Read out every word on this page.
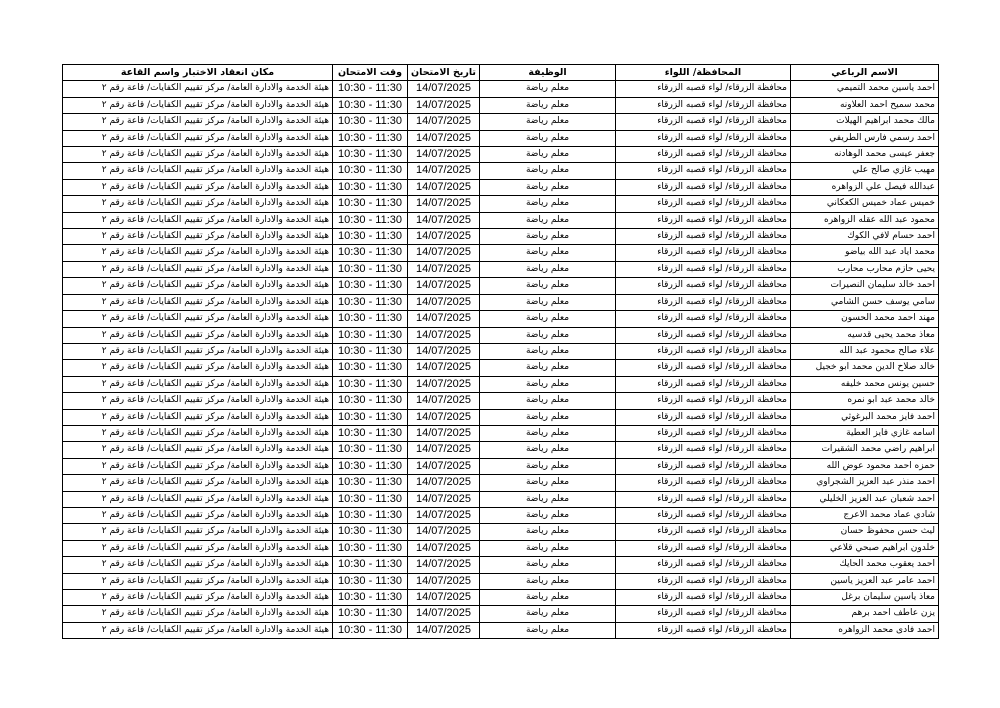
مكان انعقاد الاختبار واسم القاعة	وقت الامتحان	تاريخ الامتحان	الوظيفة	المحافظة/ اللواء	الاسم الرباعي
هيئة الخدمة والادارة العامة/ مركز تقييم الكفايات/ قاعة رقم ٢	10:30 - 11:30	14/07/2025	معلم رياضة	محافظة الزرقاء/ لواء قصبه الزرقاء	احمد ياسين محمد التميمي
هيئة الخدمة والادارة العامة/ مركز تقييم الكفايات/ قاعة رقم ٢	10:30 - 11:30	14/07/2025	معلم رياضة	محافظة الزرقاء/ لواء قصبه الزرقاء	محمد سميح احمد العلاونه
هيئة الخدمة والادارة العامة/ مركز تقييم الكفايات/ قاعة رقم ٢	10:30 - 11:30	14/07/2025	معلم رياضة	محافظة الزرقاء/ لواء قصبه الزرقاء	مالك محمد ابراهيم الهيلات
هيئة الخدمة والادارة العامة/ مركز تقييم الكفايات/ قاعة رقم ٢	10:30 - 11:30	14/07/2025	معلم رياضة	محافظة الزرقاء/ لواء قصبه الزرقاء	احمد رسمي فارس الطريفي
هيئة الخدمة والادارة العامة/ مركز تقييم الكفايات/ قاعة رقم ٢	10:30 - 11:30	14/07/2025	معلم رياضة	محافظة الزرقاء/ لواء قصبه الزرقاء	جعفر عيسى محمد الوهادنه
هيئة الخدمة والادارة العامة/ مركز تقييم الكفايات/ قاعة رقم ٢	10:30 - 11:30	14/07/2025	معلم رياضة	محافظة الزرقاء/ لواء قصبه الزرقاء	مهيب غازي صالح علي
هيئة الخدمة والادارة العامة/ مركز تقييم الكفايات/ قاعة رقم ٢	10:30 - 11:30	14/07/2025	معلم رياضة	محافظة الزرقاء/ لواء قصبه الزرقاء	عبدالله فيصل علي الزواهره
هيئة الخدمة والادارة العامة/ مركز تقييم الكفايات/ قاعة رقم ٢	10:30 - 11:30	14/07/2025	معلم رياضة	محافظة الزرقاء/ لواء قصبه الزرقاء	خميس عماد خميس الكعكاني
هيئة الخدمة والادارة العامة/ مركز تقييم الكفايات/ قاعة رقم ٢	10:30 - 11:30	14/07/2025	معلم رياضة	محافظة الزرقاء/ لواء قصبه الزرقاء	محمود عبد الله عقله الزواهره
هيئة الخدمة والادارة العامة/ مركز تقييم الكفايات/ قاعة رقم ٢	10:30 - 11:30	14/07/2025	معلم رياضة	محافظة الزرقاء/ لواء قصبه الزرقاء	احمد حسام لافي الكوك
هيئة الخدمة والادارة العامة/ مركز تقييم الكفايات/ قاعة رقم ٢	10:30 - 11:30	14/07/2025	معلم رياضة	محافظة الزرقاء/ لواء قصبه الزرقاء	محمد اياد عبد الله بياضو
هيئة الخدمة والادارة العامة/ مركز تقييم الكفايات/ قاعة رقم ٢	10:30 - 11:30	14/07/2025	معلم رياضة	محافظة الزرقاء/ لواء قصبه الزرقاء	يحيى حازم محارب محارب
هيئة الخدمة والادارة العامة/ مركز تقييم الكفايات/ قاعة رقم ٢	10:30 - 11:30	14/07/2025	معلم رياضة	محافظة الزرقاء/ لواء قصبه الزرقاء	احمد خالد سليمان النصيرات
هيئة الخدمة والادارة العامة/ مركز تقييم الكفايات/ قاعة رقم ٢	10:30 - 11:30	14/07/2025	معلم رياضة	محافظة الزرقاء/ لواء قصبه الزرقاء	سامي يوسف حسن الشامي
هيئة الخدمة والادارة العامة/ مركز تقييم الكفايات/ قاعة رقم ٢	10:30 - 11:30	14/07/2025	معلم رياضة	محافظة الزرقاء/ لواء قصبه الزرقاء	مهند احمد محمد الحسون
هيئة الخدمة والادارة العامة/ مركز تقييم الكفايات/ قاعة رقم ٢	10:30 - 11:30	14/07/2025	معلم رياضة	محافظة الزرقاء/ لواء قصبه الزرقاء	معاذ محمد يحيى قدسيه
هيئة الخدمة والادارة العامة/ مركز تقييم الكفايات/ قاعة رقم ٢	10:30 - 11:30	14/07/2025	معلم رياضة	محافظة الزرقاء/ لواء قصبه الزرقاء	علاء صالح محمود عبد الله
هيئة الخدمة والادارة العامة/ مركز تقييم الكفايات/ قاعة رقم ٢	10:30 - 11:30	14/07/2025	معلم رياضة	محافظة الزرقاء/ لواء قصبه الزرقاء	خالد صلاح الدين محمد ابو خجيل
هيئة الخدمة والادارة العامة/ مركز تقييم الكفايات/ قاعة رقم ٢	10:30 - 11:30	14/07/2025	معلم رياضة	محافظة الزرقاء/ لواء قصبه الزرقاء	حسين يونس محمد خليفه
هيئة الخدمة والادارة العامة/ مركز تقييم الكفايات/ قاعة رقم ٢	10:30 - 11:30	14/07/2025	معلم رياضة	محافظة الزرقاء/ لواء قصبه الزرقاء	خالد محمد عبد ابو نمره
هيئة الخدمة والادارة العامة/ مركز تقييم الكفايات/ قاعة رقم ٢	10:30 - 11:30	14/07/2025	معلم رياضة	محافظة الزرقاء/ لواء قصبه الزرقاء	احمد فايز محمد البرغوثي
هيئة الخدمة والادارة العامة/ مركز تقييم الكفايات/ قاعة رقم ٢	10:30 - 11:30	14/07/2025	معلم رياضة	محافظة الزرقاء/ لواء قصبه الزرقاء	اسامه غازي فايز العطية
هيئة الخدمة والادارة العامة/ مركز تقييم الكفايات/ قاعة رقم ٢	10:30 - 11:30	14/07/2025	معلم رياضة	محافظة الزرقاء/ لواء قصبه الزرقاء	ابراهيم راضي محمد الشقيرات
هيئة الخدمة والادارة العامة/ مركز تقييم الكفايات/ قاعة رقم ٢	10:30 - 11:30	14/07/2025	معلم رياضة	محافظة الزرقاء/ لواء قصبه الزرقاء	حمزه احمد محمود عوض الله
هيئة الخدمة والادارة العامة/ مركز تقييم الكفايات/ قاعة رقم ٢	10:30 - 11:30	14/07/2025	معلم رياضة	محافظة الزرقاء/ لواء قصبه الزرقاء	احمد منذر عبد العزيز الشجراوي
هيئة الخدمة والادارة العامة/ مركز تقييم الكفايات/ قاعة رقم ٢	10:30 - 11:30	14/07/2025	معلم رياضة	محافظة الزرقاء/ لواء قصبه الزرقاء	احمد شعبان عبد العزيز الخليلي
هيئة الخدمة والادارة العامة/ مركز تقييم الكفايات/ قاعة رقم ٢	10:30 - 11:30	14/07/2025	معلم رياضة	محافظة الزرقاء/ لواء قصبه الزرقاء	شادي عماد محمد الاعرج
هيئة الخدمة والادارة العامة/ مركز تقييم الكفايات/ قاعة رقم ٢	10:30 - 11:30	14/07/2025	معلم رياضة	محافظة الزرقاء/ لواء قصبه الزرقاء	ليث حسن محفوظ حسان
هيئة الخدمة والادارة العامة/ مركز تقييم الكفايات/ قاعة رقم ٢	10:30 - 11:30	14/07/2025	معلم رياضة	محافظة الزرقاء/ لواء قصبه الزرقاء	خلدون ابراهيم صبحي قلاعي
هيئة الخدمة والادارة العامة/ مركز تقييم الكفايات/ قاعة رقم ٢	10:30 - 11:30	14/07/2025	معلم رياضة	محافظة الزرقاء/ لواء قصبه الزرقاء	احمد يعقوب محمد الحايك
هيئة الخدمة والادارة العامة/ مركز تقييم الكفايات/ قاعة رقم ٢	10:30 - 11:30	14/07/2025	معلم رياضة	محافظة الزرقاء/ لواء قصبه الزرقاء	احمد عامر عبد العزيز ياسين
هيئة الخدمة والادارة العامة/ مركز تقييم الكفايات/ قاعة رقم ٢	10:30 - 11:30	14/07/2025	معلم رياضة	محافظة الزرقاء/ لواء قصبه الزرقاء	معاذ ياسين سليمان برغل
هيئة الخدمة والادارة العامة/ مركز تقييم الكفايات/ قاعة رقم ٢	10:30 - 11:30	14/07/2025	معلم رياضة	محافظة الزرقاء/ لواء قصبه الزرقاء	يزن عاطف احمد برهم
هيئة الخدمة والادارة العامة/ مركز تقييم الكفايات/ قاعة رقم ٢	10:30 - 11:30	14/07/2025	معلم رياضة	محافظة الزرقاء/ لواء قصبه الزرقاء	احمد فادى محمد الزواهره
